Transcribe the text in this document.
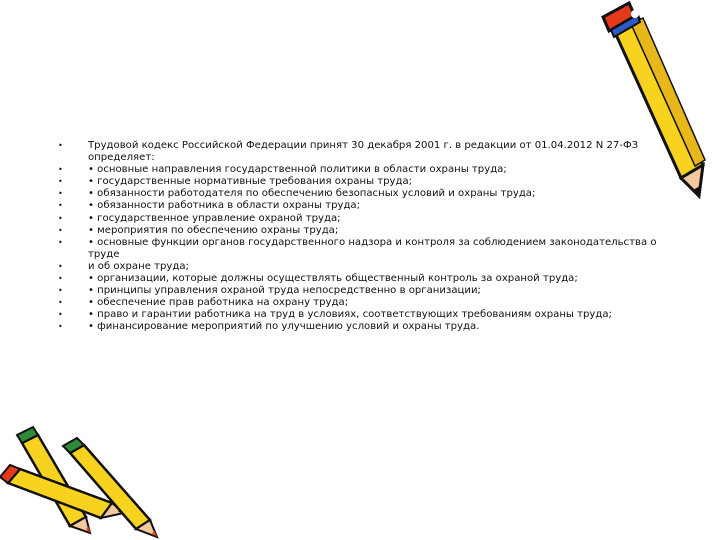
•	Трудовой кодекс Российской Федерации принят 30 декабря 2001 г. в редакции от 01.04.2012 N 27-ФЗ определяет:
•	• основные направления государственной политики в области охраны труда;
•	• государственные нормативные требования охраны труда;
•	• обязанности работодателя по обеспечению безопасных условий и охраны труда;
•	• обязанности работника в области охраны труда;
•	• государственное управление охраной труда;
•	• мероприятия по обеспечению охраны труда;
•	• основные функции органов государственного надзора и контроля за соблюдением законодательства о труде
•	и об охране труда;
•	• организации, которые должны осуществлять общественный контроль за охраной труда;
•	• принципы управления охраной труда непосредственно в организации;
•	• обеспечение прав работника на охрану труда;
•	• право и гарантии работника на труд в условиях, соответствующих требованиям охраны труда;
•	• финансирование мероприятий по улучшению условий и охраны труда.
